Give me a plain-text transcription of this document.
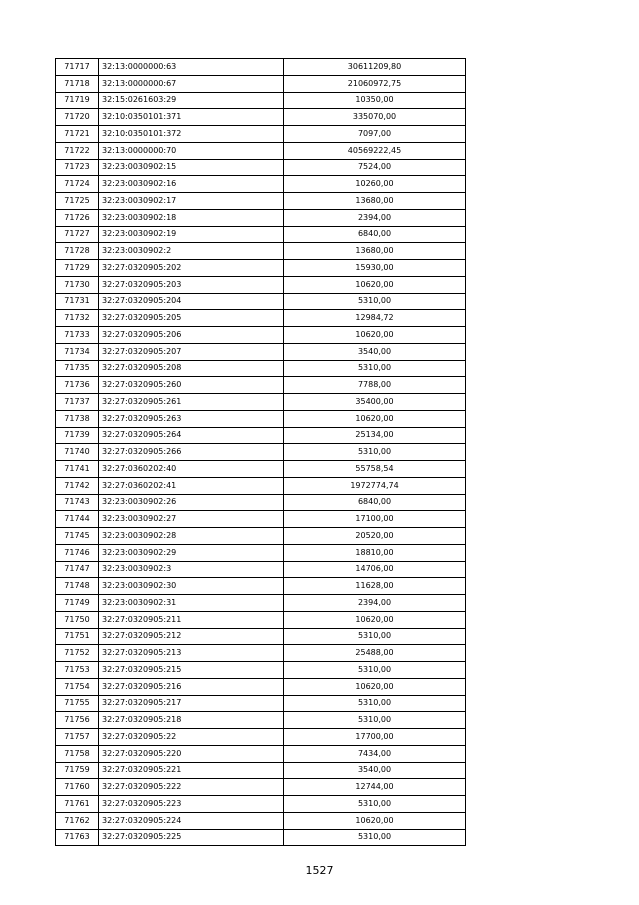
71717	32:13:0000000:63	30611209,80
71718	32:13:0000000:67	21060972,75
71719	32:15:0261603:29	10350,00
71720	32:10:0350101:371	335070,00
71721	32:10:0350101:372	7097,00
71722	32:13:0000000:70	40569222,45
71723	32:23:0030902:15	7524,00
71724	32:23:0030902:16	10260,00
71725	32:23:0030902:17	13680,00
71726	32:23:0030902:18	2394,00
71727	32:23:0030902:19	6840,00
71728	32:23:0030902:2	13680,00
71729	32:27:0320905:202	15930,00
71730	32:27:0320905:203	10620,00
71731	32:27:0320905:204	5310,00
71732	32:27:0320905:205	12984,72
71733	32:27:0320905:206	10620,00
71734	32:27:0320905:207	3540,00
71735	32:27:0320905:208	5310,00
71736	32:27:0320905:260	7788,00
71737	32:27:0320905:261	35400,00
71738	32:27:0320905:263	10620,00
71739	32:27:0320905:264	25134,00
71740	32:27:0320905:266	5310,00
71741	32:27:0360202:40	55758,54
71742	32:27:0360202:41	1972774,74
71743	32:23:0030902:26	6840,00
71744	32:23:0030902:27	17100,00
71745	32:23:0030902:28	20520,00
71746	32:23:0030902:29	18810,00
71747	32:23:0030902:3	14706,00
71748	32:23:0030902:30	11628,00
71749	32:23:0030902:31	2394,00
71750	32:27:0320905:211	10620,00
71751	32:27:0320905:212	5310,00
71752	32:27:0320905:213	25488,00
71753	32:27:0320905:215	5310,00
71754	32:27:0320905:216	10620,00
71755	32:27:0320905:217	5310,00
71756	32:27:0320905:218	5310,00
71757	32:27:0320905:22	17700,00
71758	32:27:0320905:220	7434,00
71759	32:27:0320905:221	3540,00
71760	32:27:0320905:222	12744,00
71761	32:27:0320905:223	5310,00
71762	32:27:0320905:224	10620,00
71763	32:27:0320905:225	5310,00
1527
